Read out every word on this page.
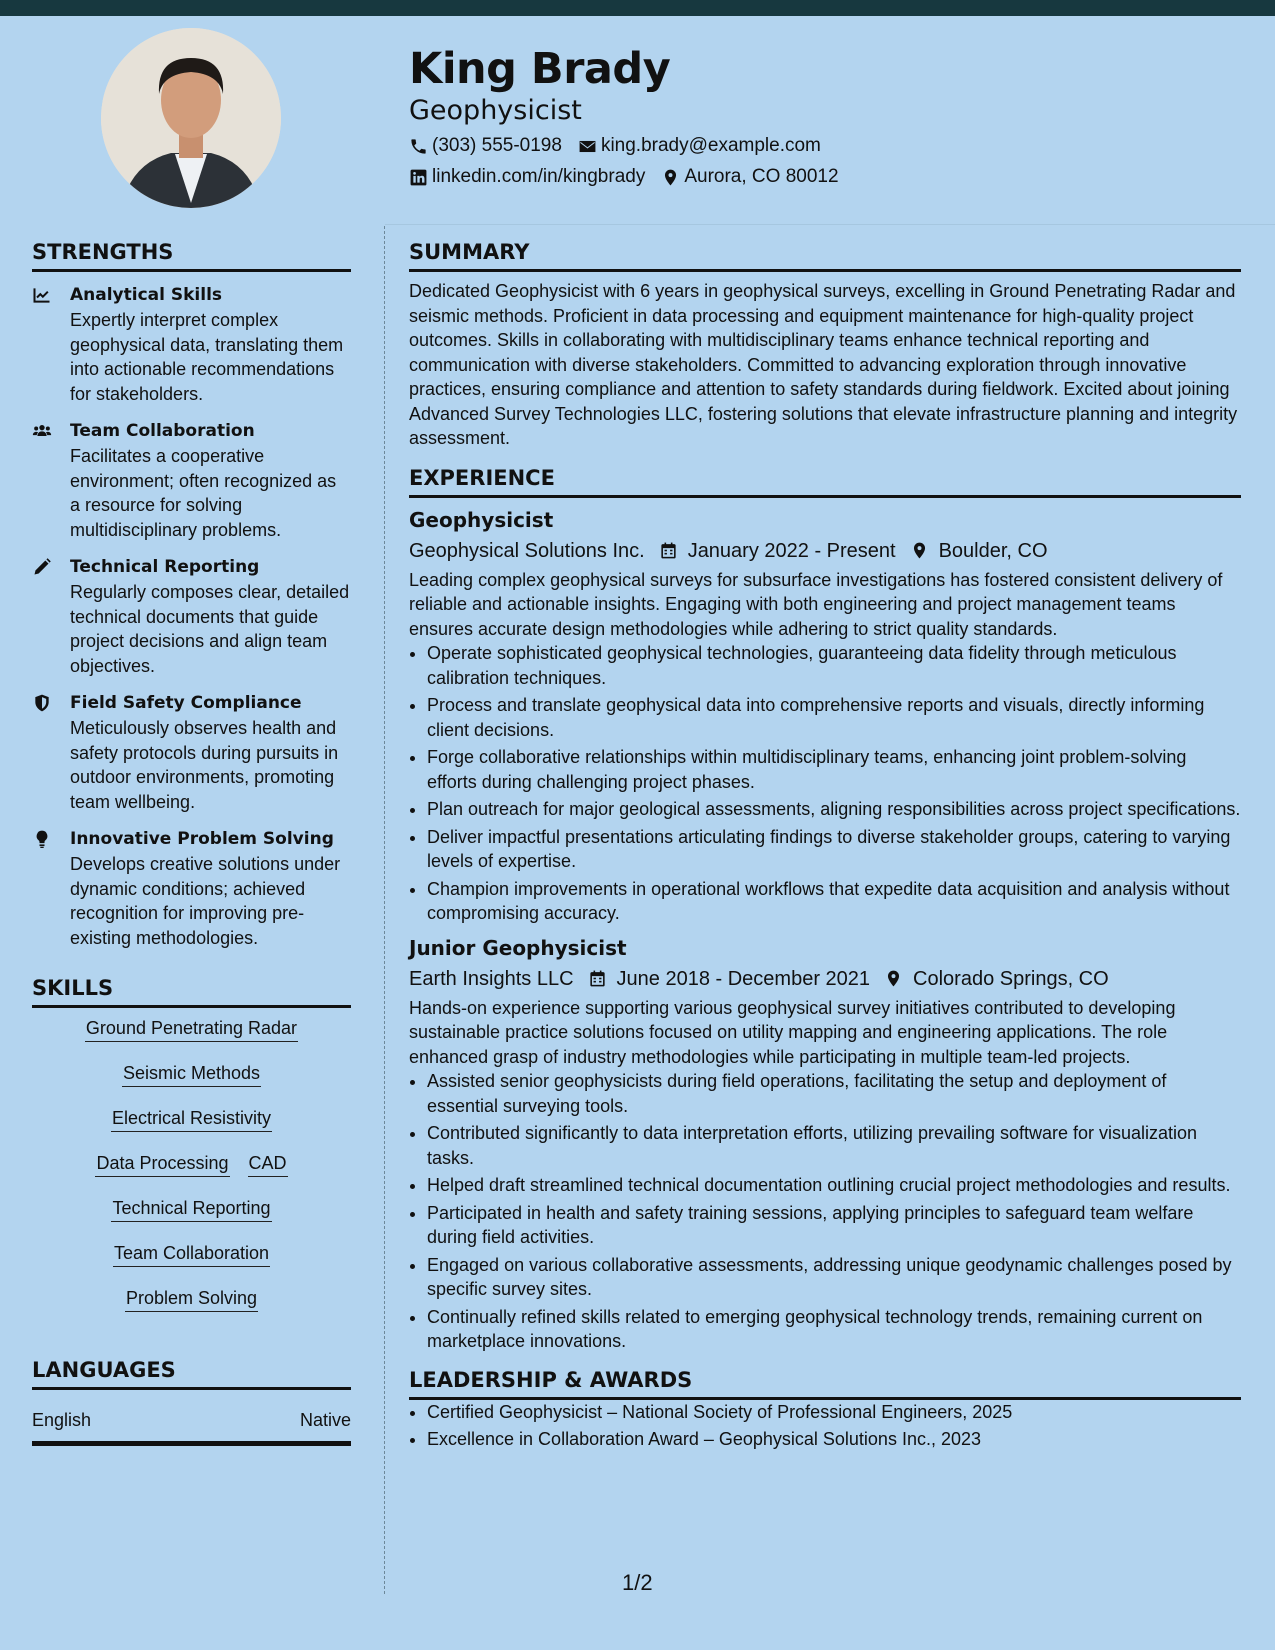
King Brady
Geophysicist
(303) 555-0198 king.brady@example.com
linkedin.com/in/kingbrady Aurora, CO 80012
STRENGTHS
Analytical Skills
Expertly interpret complex geophysical data, translating them into actionable recommendations for stakeholders.
Team Collaboration
Facilitates a cooperative environment; often recognized as a resource for solving multidisciplinary problems.
Technical Reporting
Regularly composes clear, detailed technical documents that guide project decisions and align team objectives.
Field Safety Compliance
Meticulously observes health and safety protocols during pursuits in outdoor environments, promoting team wellbeing.
Innovative Problem Solving
Develops creative solutions under dynamic conditions; achieved recognition for improving pre-existing methodologies.
SKILLS
Ground Penetrating Radar
Seismic Methods
Electrical Resistivity
Data Processing CAD
Technical Reporting
Team Collaboration
Problem Solving
LANGUAGES
English	Native
SUMMARY
Dedicated Geophysicist with 6 years in geophysical surveys, excelling in Ground Penetrating Radar and seismic methods. Proficient in data processing and equipment maintenance for high-quality project outcomes. Skills in collaborating with multidisciplinary teams enhance technical reporting and communication with diverse stakeholders. Committed to advancing exploration through innovative practices, ensuring compliance and attention to safety standards during fieldwork. Excited about joining Advanced Survey Technologies LLC, fostering solutions that elevate infrastructure planning and integrity assessment.
EXPERIENCE
Geophysicist
Geophysical Solutions Inc. January 2022 - Present Boulder, CO
Leading complex geophysical surveys for subsurface investigations has fostered consistent delivery of reliable and actionable insights. Engaging with both engineering and project management teams ensures accurate design methodologies while adhering to strict quality standards.
• Operate sophisticated geophysical technologies, guaranteeing data fidelity through meticulous calibration techniques.
• Process and translate geophysical data into comprehensive reports and visuals, directly informing client decisions.
• Forge collaborative relationships within multidisciplinary teams, enhancing joint problem-solving efforts during challenging project phases.
• Plan outreach for major geological assessments, aligning responsibilities across project specifications.
• Deliver impactful presentations articulating findings to diverse stakeholder groups, catering to varying levels of expertise.
• Champion improvements in operational workflows that expedite data acquisition and analysis without compromising accuracy.
Junior Geophysicist
Earth Insights LLC June 2018 - December 2021 Colorado Springs, CO
Hands-on experience supporting various geophysical survey initiatives contributed to developing sustainable practice solutions focused on utility mapping and engineering applications. The role enhanced grasp of industry methodologies while participating in multiple team-led projects.
• Assisted senior geophysicists during field operations, facilitating the setup and deployment of essential surveying tools.
• Contributed significantly to data interpretation efforts, utilizing prevailing software for visualization tasks.
• Helped draft streamlined technical documentation outlining crucial project methodologies and results.
• Participated in health and safety training sessions, applying principles to safeguard team welfare during field activities.
• Engaged on various collaborative assessments, addressing unique geodynamic challenges posed by specific survey sites.
• Continually refined skills related to emerging geophysical technology trends, remaining current on marketplace innovations.
LEADERSHIP & AWARDS
• Certified Geophysicist – National Society of Professional Engineers, 2025
• Excellence in Collaboration Award – Geophysical Solutions Inc., 2023
1/2
